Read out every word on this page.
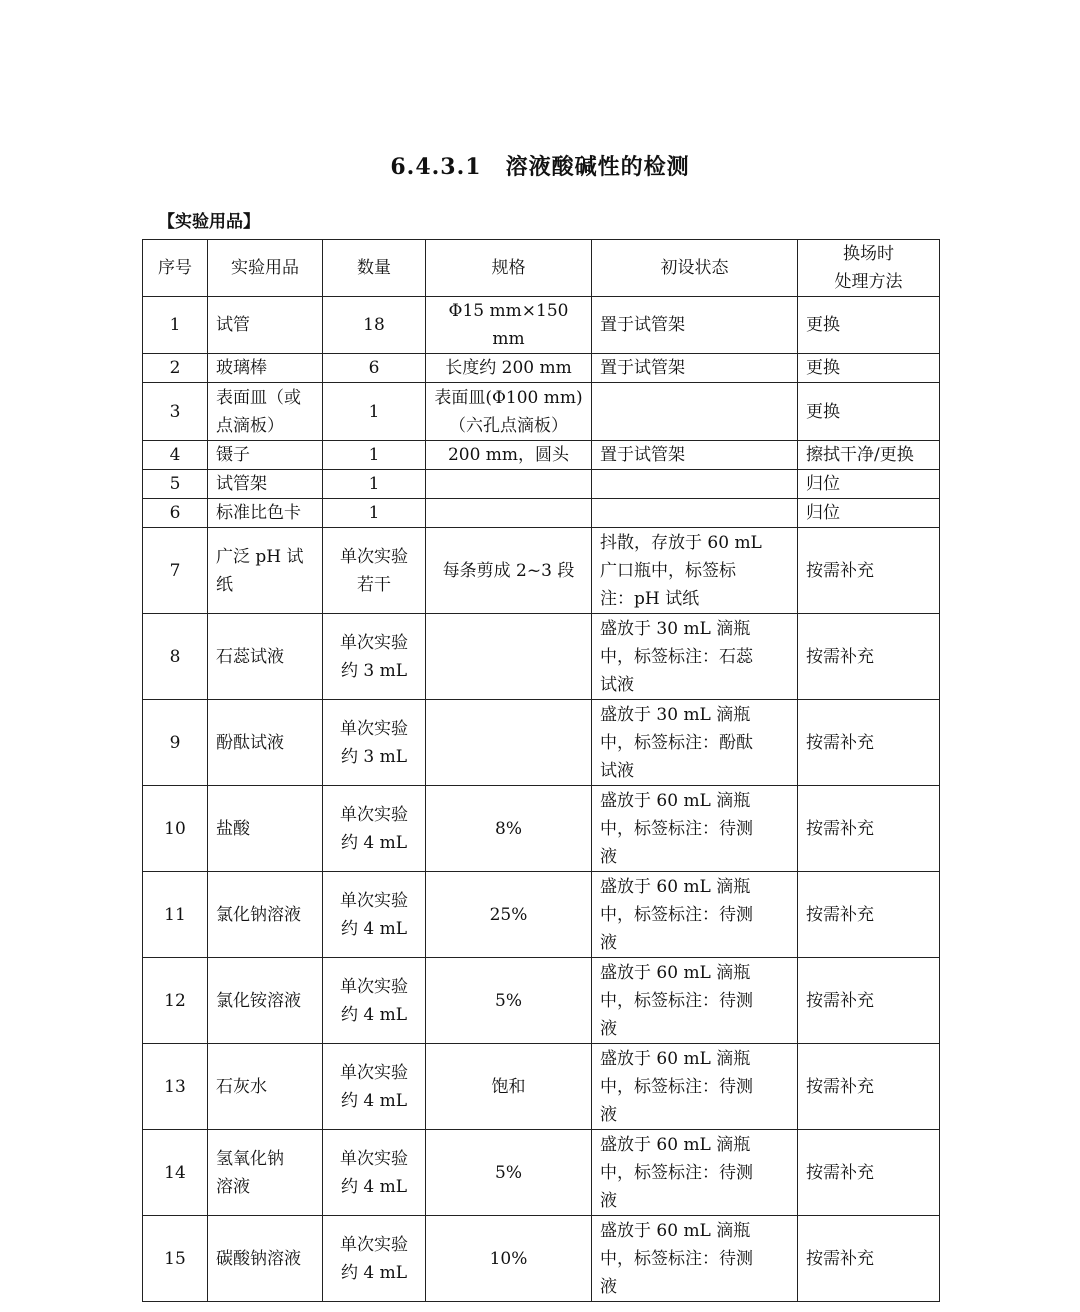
6.4.3.1 溶液酸碱性的检测
【实验用品】
序号	实验用品	数量	规格	初设状态	换场时
处理方法

1	试管	18	Φ15 mm×150 mm	置于试管架	更换

2	玻璃棒	6	长度约 200 mm	置于试管架	更换

3	表面皿（或
点滴板）	1	表面皿(Φ100 mm)
（六孔点滴板）		更换

4	镊子	1	200 mm，圆头	置于试管架	擦拭干净/更换

5	试管架	1			归位

6	标准比色卡	1			归位

7	广泛 pH 试
纸	单次实验
若干	每条剪成 2~3 段	抖散，存放于 60 mL
广口瓶中，标签标
注：pH 试纸	按需补充

8	石蕊试液	单次实验
约 3 mL		盛放于 30 mL 滴瓶
中，标签标注：石蕊
试液	按需补充

9	酚酞试液	单次实验
约 3 mL		盛放于 30 mL 滴瓶
中，标签标注：酚酞
试液	按需补充

10	盐酸	单次实验
约 4 mL	8%	盛放于 60 mL 滴瓶
中，标签标注：待测
液	按需补充

11	氯化钠溶液	单次实验
约 4 mL	25%	盛放于 60 mL 滴瓶
中，标签标注：待测
液	按需补充

12	氯化铵溶液	单次实验
约 4 mL	5%	盛放于 60 mL 滴瓶
中，标签标注：待测
液	按需补充

13	石灰水	单次实验
约 4 mL	饱和	盛放于 60 mL 滴瓶
中，标签标注：待测
液	按需补充

14	氢氧化钠
溶液	单次实验
约 4 mL	5%	盛放于 60 mL 滴瓶
中，标签标注：待测
液	按需补充

15	碳酸钠溶液	单次实验
约 4 mL	10%	盛放于 60 mL 滴瓶
中，标签标注：待测
液	按需补充
